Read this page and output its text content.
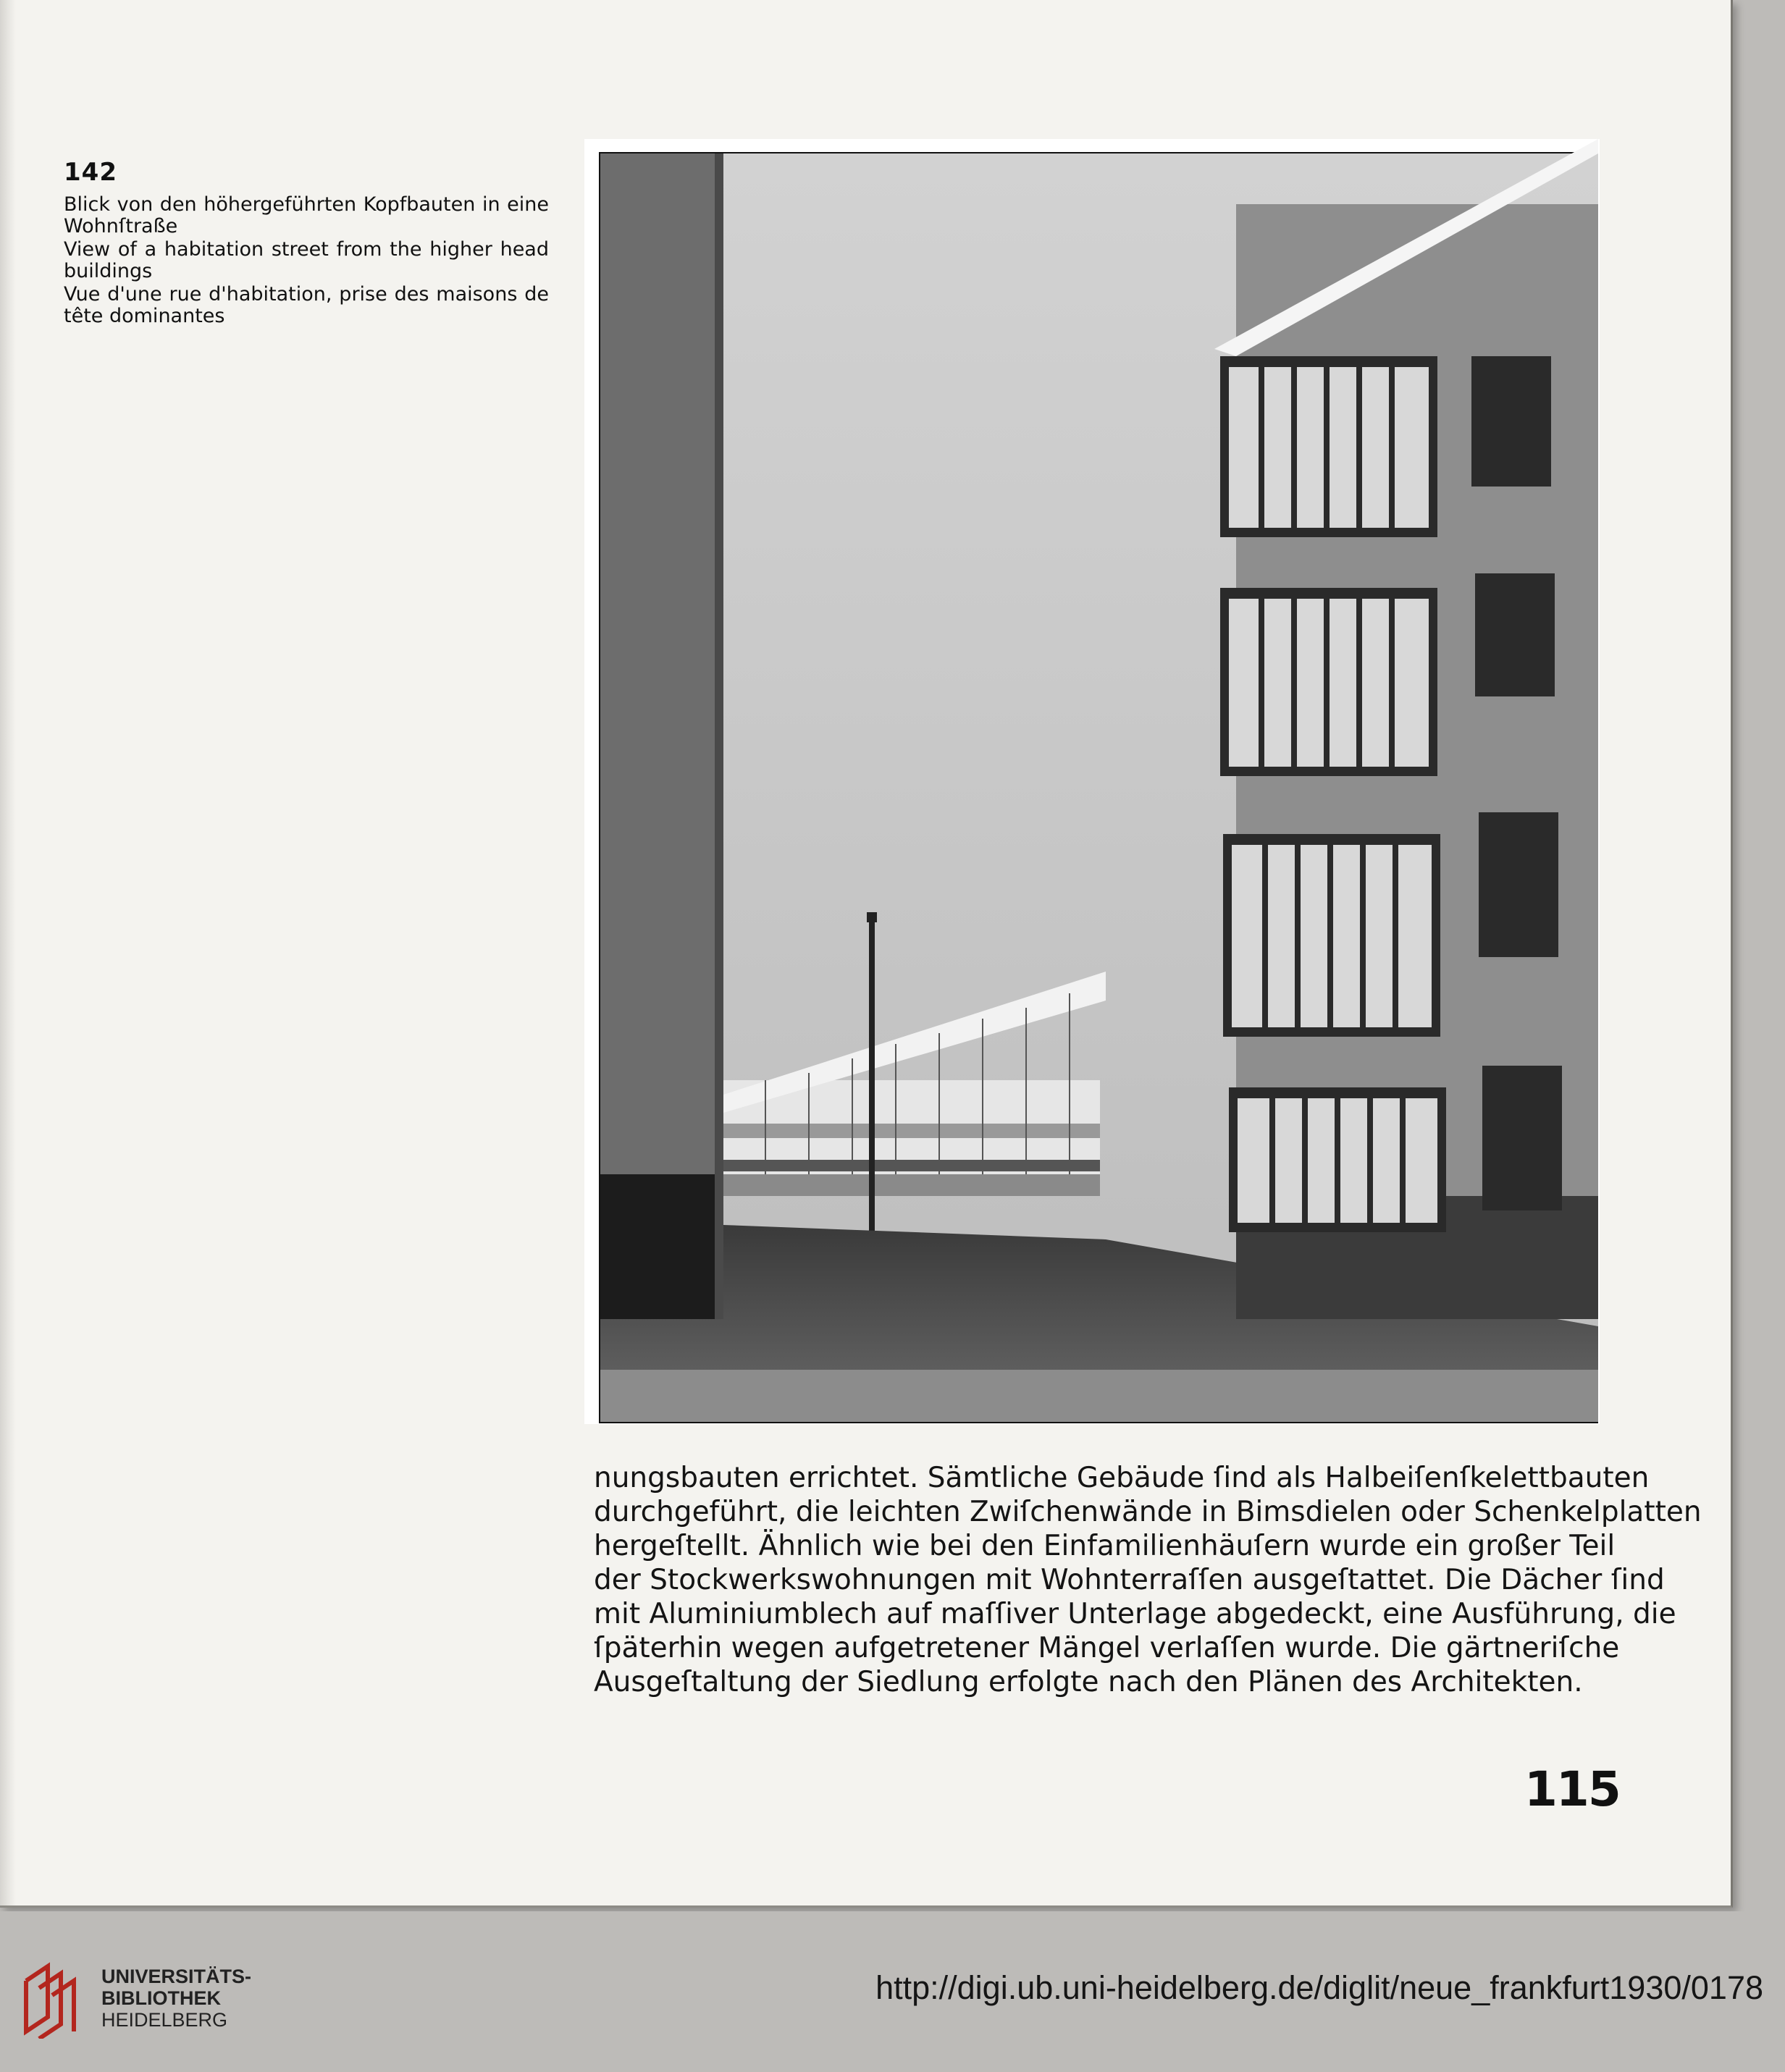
142

Blick von den höhergeführten Kopfbauten in eine Wohnſtraße

View of a habitation street from the higher head buildings

Vue d'une rue d'habitation, prise des maisons de tête dominantes

nungsbauten errichtet. Sämtliche Gebäude ſind als Halbeiſenſkelettbauten
durchgeführt, die leichten Zwiſchenwände in Bimsdielen oder Schenkelplatten
hergeſtellt. Ähnlich wie bei den Einfamilienhäuſern wurde ein großer Teil
der Stockwerkswohnungen mit Wohnterraſſen ausgeſtattet. Die Dächer ſind
mit Aluminiumblech auf maſſiver Unterlage abgedeckt, eine Ausführung, die
ſpäterhin wegen aufgetretener Mängel verlaſſen wurde. Die gärtneriſche
Ausgeſtaltung der Siedlung erfolgte nach den Plänen des Architekten.
115
UNIVERSITÄTS-
BIBLIOTHEK
HEIDELBERG
http://digi.ub.uni-heidelberg.de/diglit/neue_frankfurt1930/0178
